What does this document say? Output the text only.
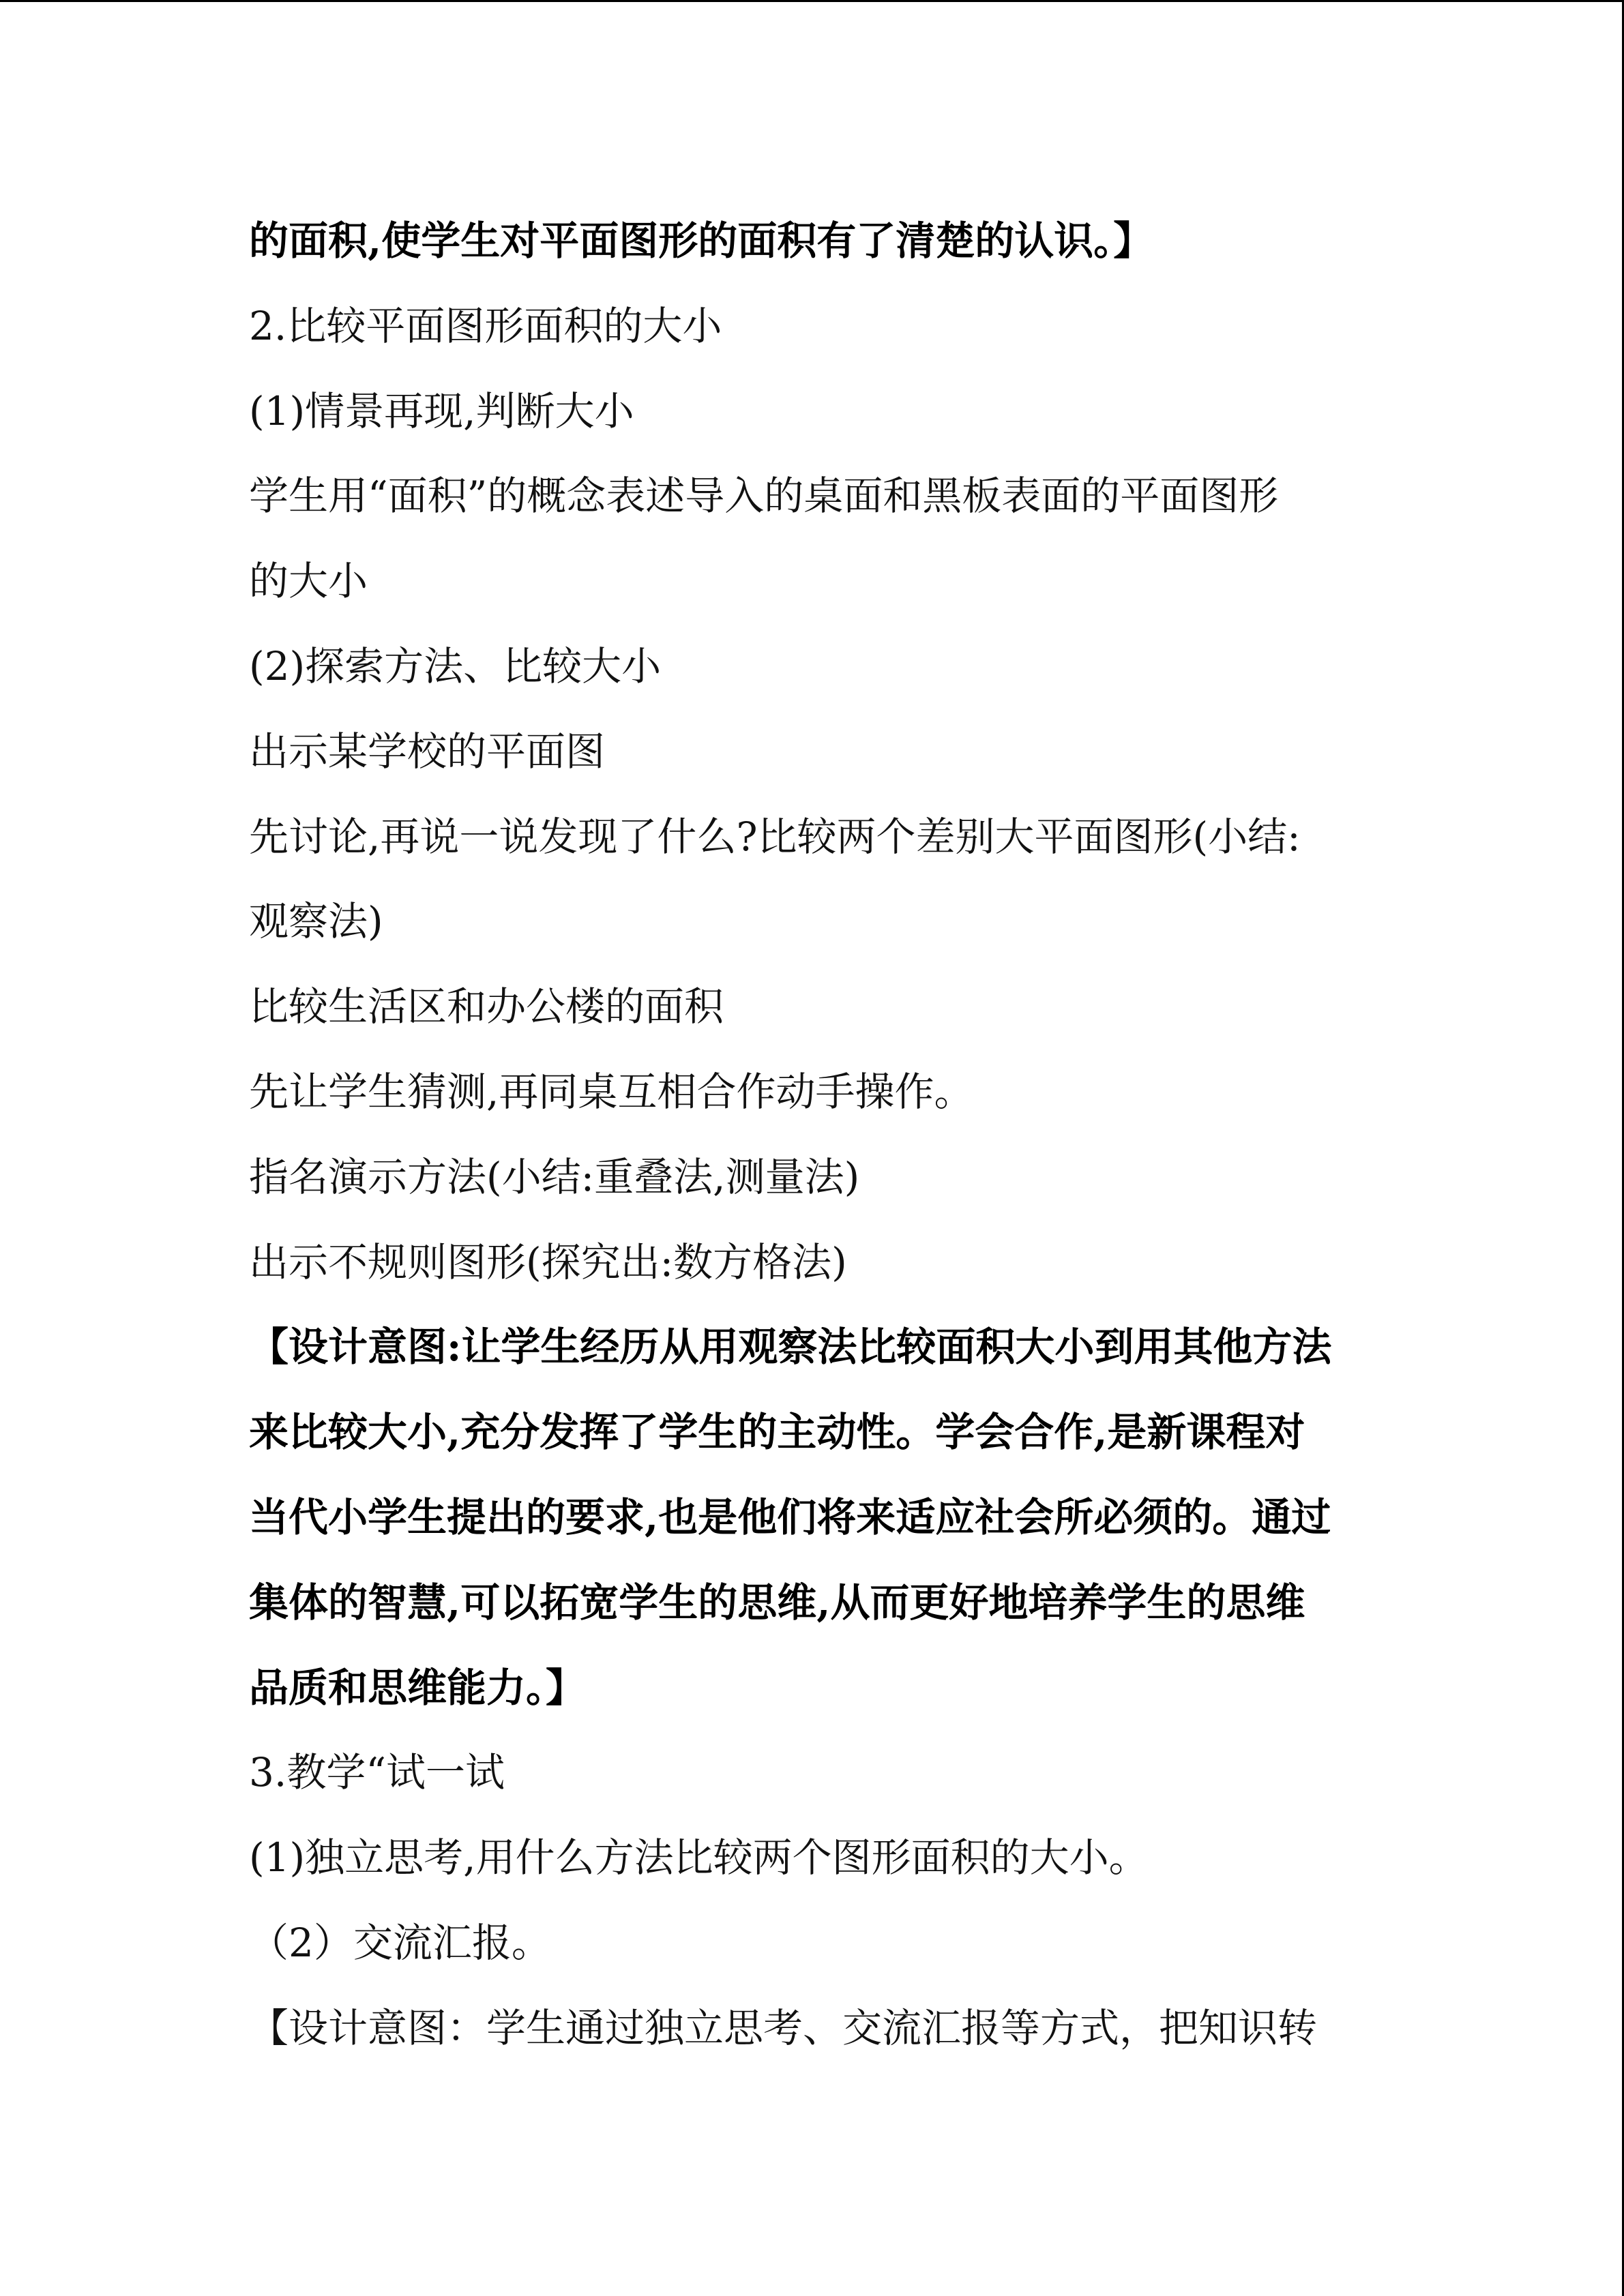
的面积,使学生对平面图形的面积有了清楚的认识。】

2.比较平面图形面积的大小

(1)情景再现,判断大小

学生用“面积”的概念表述导入的桌面和黑板表面的平面图形

的大小

(2)探索方法、比较大小

出示某学校的平面图

先讨论,再说一说发现了什么?比较两个差别大平面图形(小结:

观察法)

比较生活区和办公楼的面积

先让学生猜测,再同桌互相合作动手操作。

指名演示方法(小结:重叠法,测量法)

出示不规则图形(探究出:数方格法)

【设计意图:让学生经历从用观察法比较面积大小到用其他方法

来比较大小,充分发挥了学生的主动性。学会合作,是新课程对

当代小学生提出的要求,也是他们将来适应社会所必须的。通过

集体的智慧,可以拓宽学生的思维,从而更好地培养学生的思维

品质和思维能力。】

3.教学“试一试

(1)独立思考,用什么方法比较两个图形面积的大小。

（2）交流汇报。

【设计意图：学生通过独立思考、交流汇报等方式，把知识转
